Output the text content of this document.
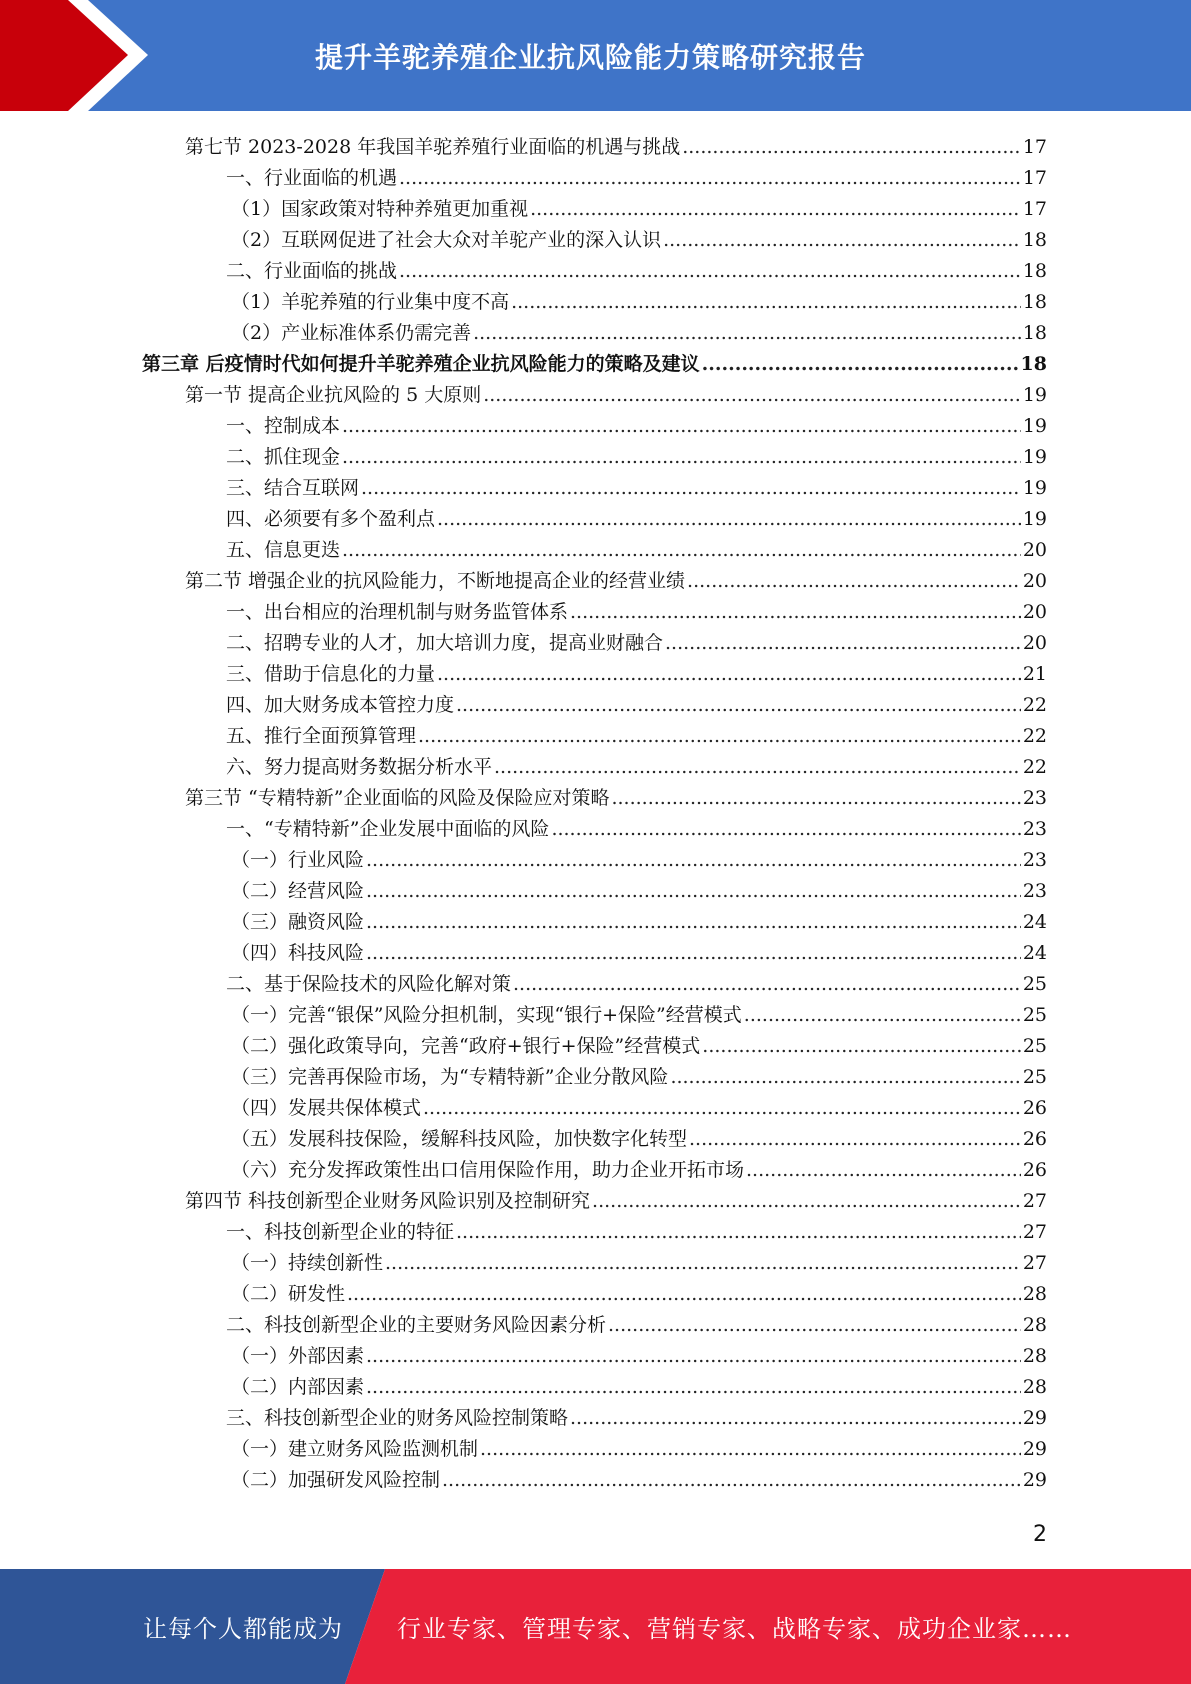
提升羊驼养殖企业抗风险能力策略研究报告
第七节 2023-2028 年我国羊驼养殖行业面临的机遇与挑战 .....	17
一、行业面临的机遇 .....	17
（1）国家政策对特种养殖更加重视 .....	17
（2）互联网促进了社会大众对羊驼产业的深入认识 .....	18
二、行业面临的挑战 .....	18
（1）羊驼养殖的行业集中度不高 .....	18
（2）产业标准体系仍需完善 .....	18
第三章 后疫情时代如何提升羊驼养殖企业抗风险能力的策略及建议 .....	18
第一节 提高企业抗风险的 5 大原则 .....	19
一、控制成本 .....	19
二、抓住现金 .....	19
三、结合互联网 .....	19
四、必须要有多个盈利点 .....	19
五、信息更迭 .....	20
第二节 增强企业的抗风险能力，不断地提高企业的经营业绩 .....	20
一、出台相应的治理机制与财务监管体系 .....	20
二、招聘专业的人才，加大培训力度，提高业财融合 .....	20
三、借助于信息化的力量 .....	21
四、加大财务成本管控力度 .....	22
五、推行全面预算管理 .....	22
六、努力提高财务数据分析水平 .....	22
第三节 “专精特新”企业面临的风险及保险应对策略 .....	23
一、“专精特新”企业发展中面临的风险 .....	23
（一）行业风险 .....	23
（二）经营风险 .....	23
（三）融资风险 .....	24
（四）科技风险 .....	24
二、基于保险技术的风险化解对策 .....	25
（一）完善“银保”风险分担机制，实现“银行+保险”经营模式 .....	25
（二）强化政策导向，完善“政府+银行+保险”经营模式 .....	25
（三）完善再保险市场，为“专精特新”企业分散风险 .....	25
（四）发展共保体模式 .....	26
（五）发展科技保险，缓解科技风险，加快数字化转型 .....	26
（六）充分发挥政策性出口信用保险作用，助力企业开拓市场 .....	26
第四节 科技创新型企业财务风险识别及控制研究 .....	27
一、科技创新型企业的特征 .....	27
（一）持续创新性 .....	27
（二）研发性 .....	28
二、科技创新型企业的主要财务风险因素分析 .....	28
（一）外部因素 .....	28
（二）内部因素 .....	28
三、科技创新型企业的财务风险控制策略 .....	29
（一）建立财务风险监测机制 .....	29
（二）加强研发风险控制 .....	29
2
让每个人都能成为 行业专家、管理专家、营销专家、战略专家、成功企业家……
